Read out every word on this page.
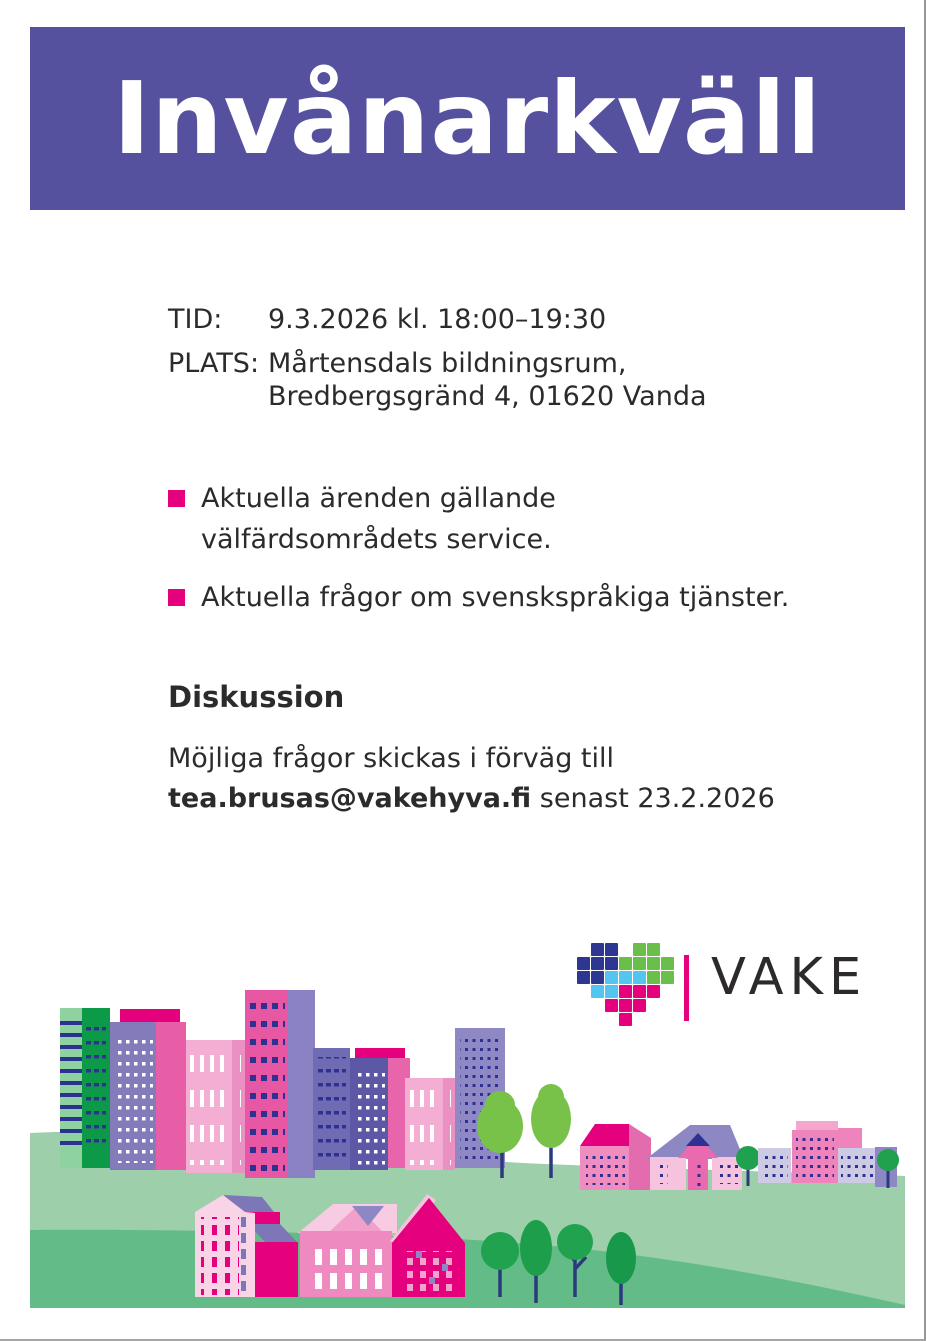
Invånarkväll
TID:	9.3.2026 kl. 18:00–19:30
PLATS: Mårtensdals bildningsrum,
Bredbergsgränd 4, 01620 Vanda
Aktuella ärenden gällande
välfärdsområdets service.
Aktuella frågor om svenskspråkiga tjänster.
Diskussion

Möjliga frågor skickas i förväg till
tea.brusas@vakehyva.fi senast 23.2.2026

VAKE
